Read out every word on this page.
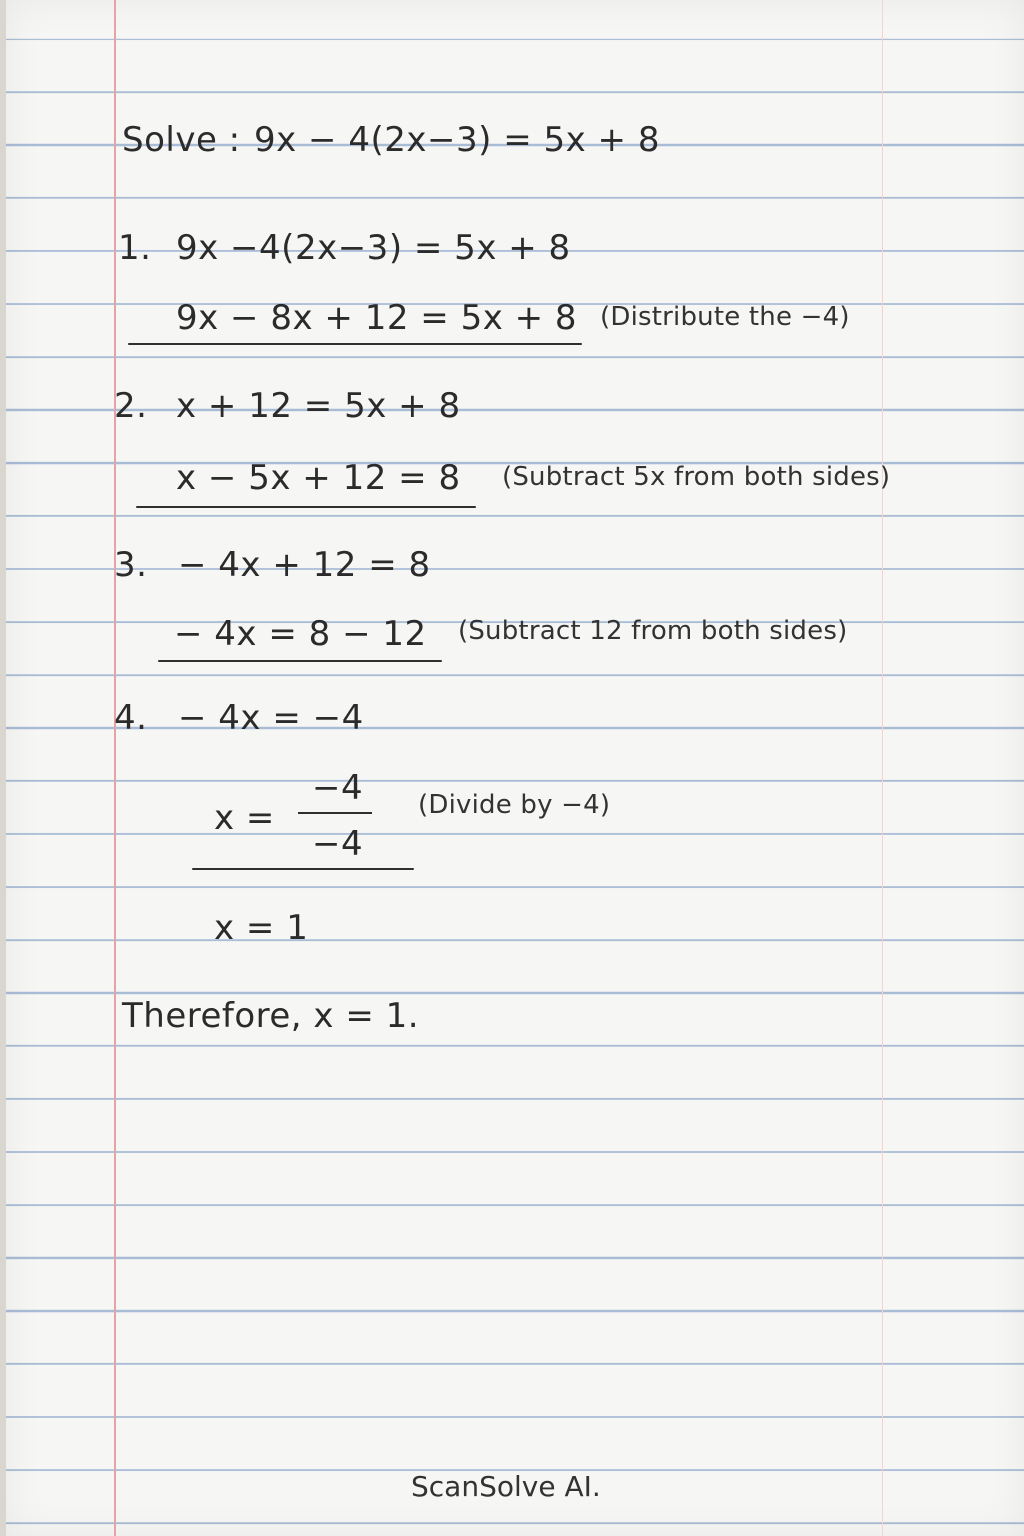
Solve : 9x − 4(2x−3) = 5x + 8
1. 9x −4(2x−3) = 5x + 8
9x − 8x + 12 = 5x + 8 (Distribute the −4)
2. x + 12 = 5x + 8
x − 5x + 12 = 8 (Subtract 5x from both sides)
3. − 4x + 12 = 8
− 4x = 8 − 12 (Subtract 12 from both sides)
4. − 4x = −4
x =
−4
−4
(Divide by −4)
x = 1
Therefore, x = 1.
ScanSolve AI.
